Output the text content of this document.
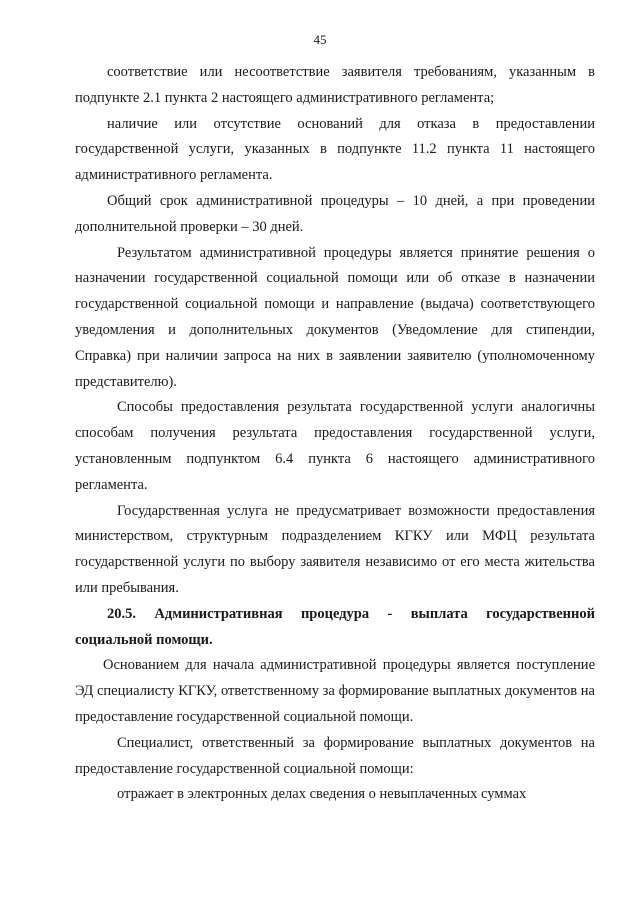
45

соответствие или несоответствие заявителя требованиям, указанным в подпункте 2.1 пункта 2 настоящего административного регламента;

наличие или отсутствие оснований для отказа в предоставлении государственной услуги, указанных в подпункте 11.2 пункта 11 настоящего административного регламента.

Общий срок административной процедуры – 10 дней, а при проведении дополнительной проверки – 30 дней.

Результатом административной процедуры является принятие решения о назначении государственной социальной помощи или об отказе в назначении государственной социальной помощи и направление (выдача) соответствующего уведомления и дополнительных документов (Уведомление для стипендии, Справка) при наличии запроса на них в заявлении заявителю (уполномоченному представителю).

Способы предоставления результата государственной услуги аналогичны способам получения результата предоставления государственной услуги, установленным подпунктом 6.4 пункта 6 настоящего административного регламента.

Государственная услуга не предусматривает возможности предоставления министерством, структурным подразделением КГКУ или МФЦ результата государственной услуги по выбору заявителя независимо от его места жительства или пребывания.

20.5. Административная процедура - выплата государственной социальной помощи.

Основанием для начала административной процедуры является поступление ЭД специалисту КГКУ, ответственному за формирование выплатных документов на предоставление государственной социальной помощи.

Специалист, ответственный за формирование выплатных документов на предоставление государственной социальной помощи:

отражает в электронных делах сведения о невыплаченных суммах
